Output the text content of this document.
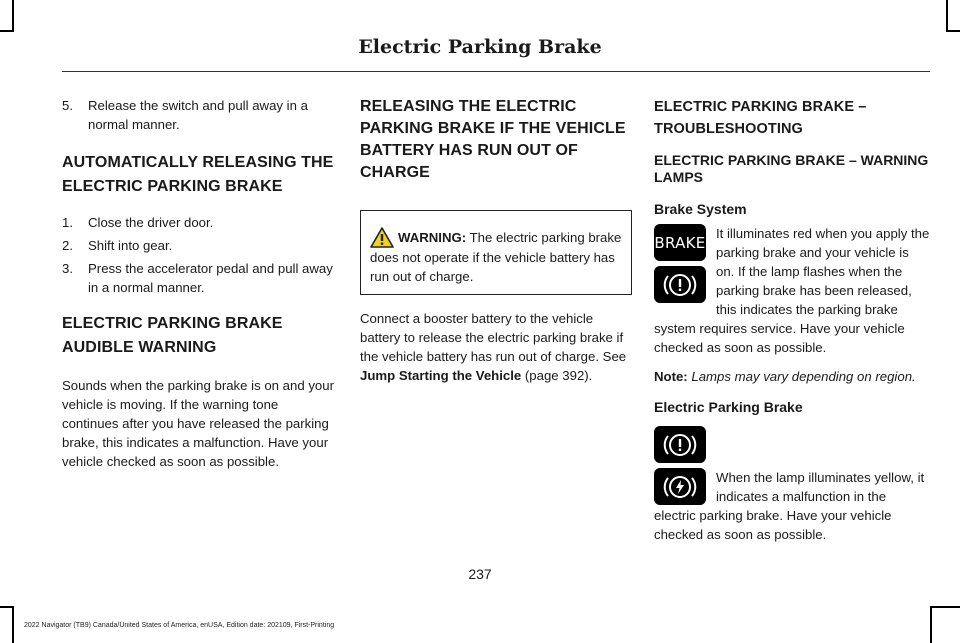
Electric Parking Brake
5.	Release the switch and pull away in a normal manner.
AUTOMATICALLY RELEASING THE ELECTRIC PARKING BRAKE
1.	Close the driver door.
2.	Shift into gear.
3.	Press the accelerator pedal and pull away in a normal manner.
ELECTRIC PARKING BRAKE AUDIBLE WARNING

Sounds when the parking brake is on and your vehicle is moving. If the warning tone continues after you have released the parking brake, this indicates a malfunction. Have your vehicle checked as soon as possible.

RELEASING THE ELECTRIC PARKING BRAKE IF THE VEHICLE BATTERY HAS RUN OUT OF CHARGE
WARNING: The electric parking brake does not operate if the vehicle battery has run out of charge.

Connect a booster battery to the vehicle battery to release the electric parking brake if the vehicle battery has run out of charge. See Jump Starting the Vehicle (page 392).

ELECTRIC PARKING BRAKE – TROUBLESHOOTING
ELECTRIC PARKING BRAKE – WARNING LAMPS
Brake System
BRAKE It illuminates red when you apply the parking brake and your vehicle is on. If the lamp flashes when the parking brake has been released, this indicates the parking brake system requires service. Have your vehicle checked as soon as possible.

Note: Lamps may vary depending on region.

Electric Parking Brake

When the lamp illuminates yellow, it indicates a malfunction in the electric parking brake. Have your vehicle checked as soon as possible.

237
2022 Navigator (TB9) Canada/United States of America, enUSA, Edition date: 202109, First-Printing
